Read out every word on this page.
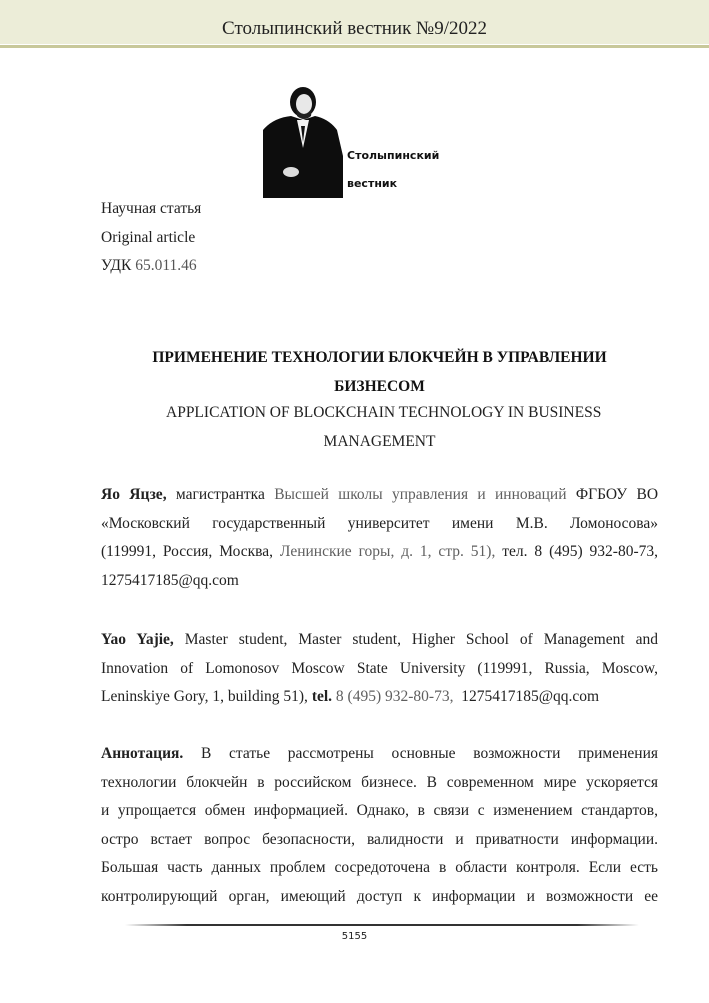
Столыпинский вестник №9/2022
Столыпинский
вестник
Научная статья
Original article
УДК 65.011.46
ПРИМЕНЕНИЕ ТЕХНОЛОГИИ БЛОКЧЕЙН В УПРАВЛЕНИИ
БИЗНЕСОМ
APPLICATION OF BLOCKCHAIN TECHNOLOGY IN BUSINESS
MANAGEMENT
Яо Яцзе, магистрантка Высшей школы управления и инноваций ФГБОУ ВО
«Московский государственный университет имени М.В. Ломоносова»
(119991, Россия, Москва, Ленинские горы, д. 1, стр. 51), тел. 8 (495) 932-80-73,
1275417185@qq.com
Yao Yajie, Master student, Master student, Higher School of Management and
Innovation of Lomonosov Moscow State University (119991, Russia, Moscow,
Leninskiye Gory, 1, building 51), tel. 8 (495) 932-80-73, 1275417185@qq.com
Аннотация. В статье рассмотрены основные возможности применения
технологии блокчейн в российском бизнесе. В современном мире ускоряется
и упрощается обмен информацией. Однако, в связи с изменением стандартов,
остро встает вопрос безопасности, валидности и приватности информации.
Большая часть данных проблем сосредоточена в области контроля. Если есть
контролирующий орган, имеющий доступ к информации и возможности ее
5155
